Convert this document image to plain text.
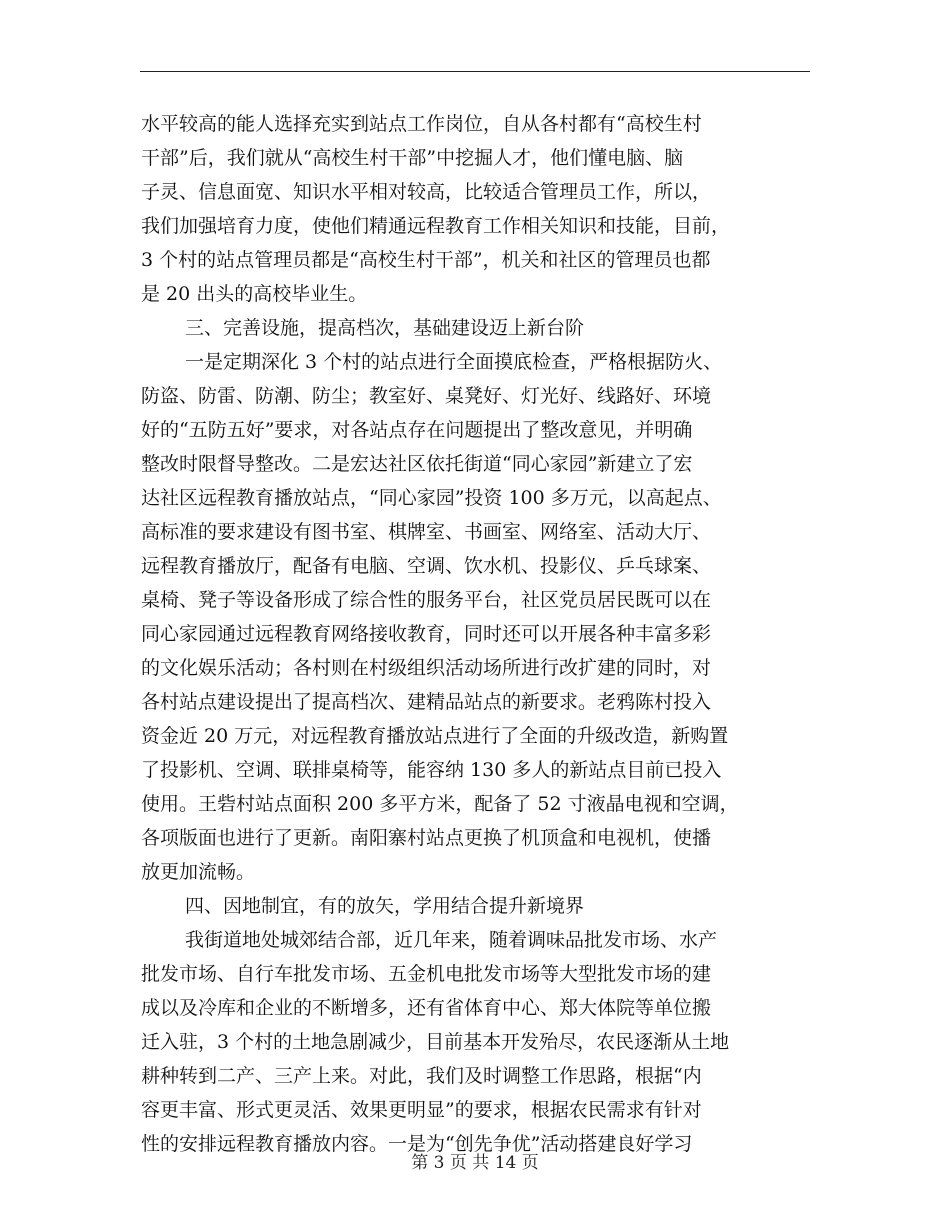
水平较高的能人选择充实到站点工作岗位，自从各村都有“高校生村
干部”后，我们就从“高校生村干部”中挖掘人才，他们懂电脑、脑
子灵、信息面宽、知识水平相对较高，比较适合管理员工作，所以，
我们加强培育力度，使他们精通远程教育工作相关知识和技能，目前，
3 个村的站点管理员都是“高校生村干部”，机关和社区的管理员也都
是 20 出头的高校毕业生。
三、完善设施，提高档次，基础建设迈上新台阶
一是定期深化 3 个村的站点进行全面摸底检查，严格根据防火、
防盗、防雷、防潮、防尘；教室好、桌凳好、灯光好、线路好、环境
好的“五防五好”要求，对各站点存在问题提出了整改意见，并明确
整改时限督导整改。二是宏达社区依托街道“同心家园”新建立了宏
达社区远程教育播放站点，“同心家园”投资 100 多万元，以高起点、
高标准的要求建设有图书室、棋牌室、书画室、网络室、活动大厅、
远程教育播放厅，配备有电脑、空调、饮水机、投影仪、乒乓球案、
桌椅、凳子等设备形成了综合性的服务平台，社区党员居民既可以在
同心家园通过远程教育网络接收教育，同时还可以开展各种丰富多彩
的文化娱乐活动；各村则在村级组织活动场所进行改扩建的同时，对
各村站点建设提出了提高档次、建精品站点的新要求。老鸦陈村投入
资金近 20 万元，对远程教育播放站点进行了全面的升级改造，新购置
了投影机、空调、联排桌椅等，能容纳 130 多人的新站点目前已投入
使用。王砦村站点面积 200 多平方米，配备了 52 寸液晶电视和空调，
各项版面也进行了更新。南阳寨村站点更换了机顶盒和电视机，使播
放更加流畅。
四、因地制宜，有的放矢，学用结合提升新境界
我街道地处城郊结合部，近几年来，随着调味品批发市场、水产
批发市场、自行车批发市场、五金机电批发市场等大型批发市场的建
成以及冷库和企业的不断增多，还有省体育中心、郑大体院等单位搬
迁入驻，3 个村的土地急剧减少，目前基本开发殆尽，农民逐渐从土地
耕种转到二产、三产上来。对此，我们及时调整工作思路，根据“内
容更丰富、形式更灵活、效果更明显”的要求，根据农民需求有针对
性的安排远程教育播放内容。一是为“创先争优”活动搭建良好学习
第 3 页 共 14 页
